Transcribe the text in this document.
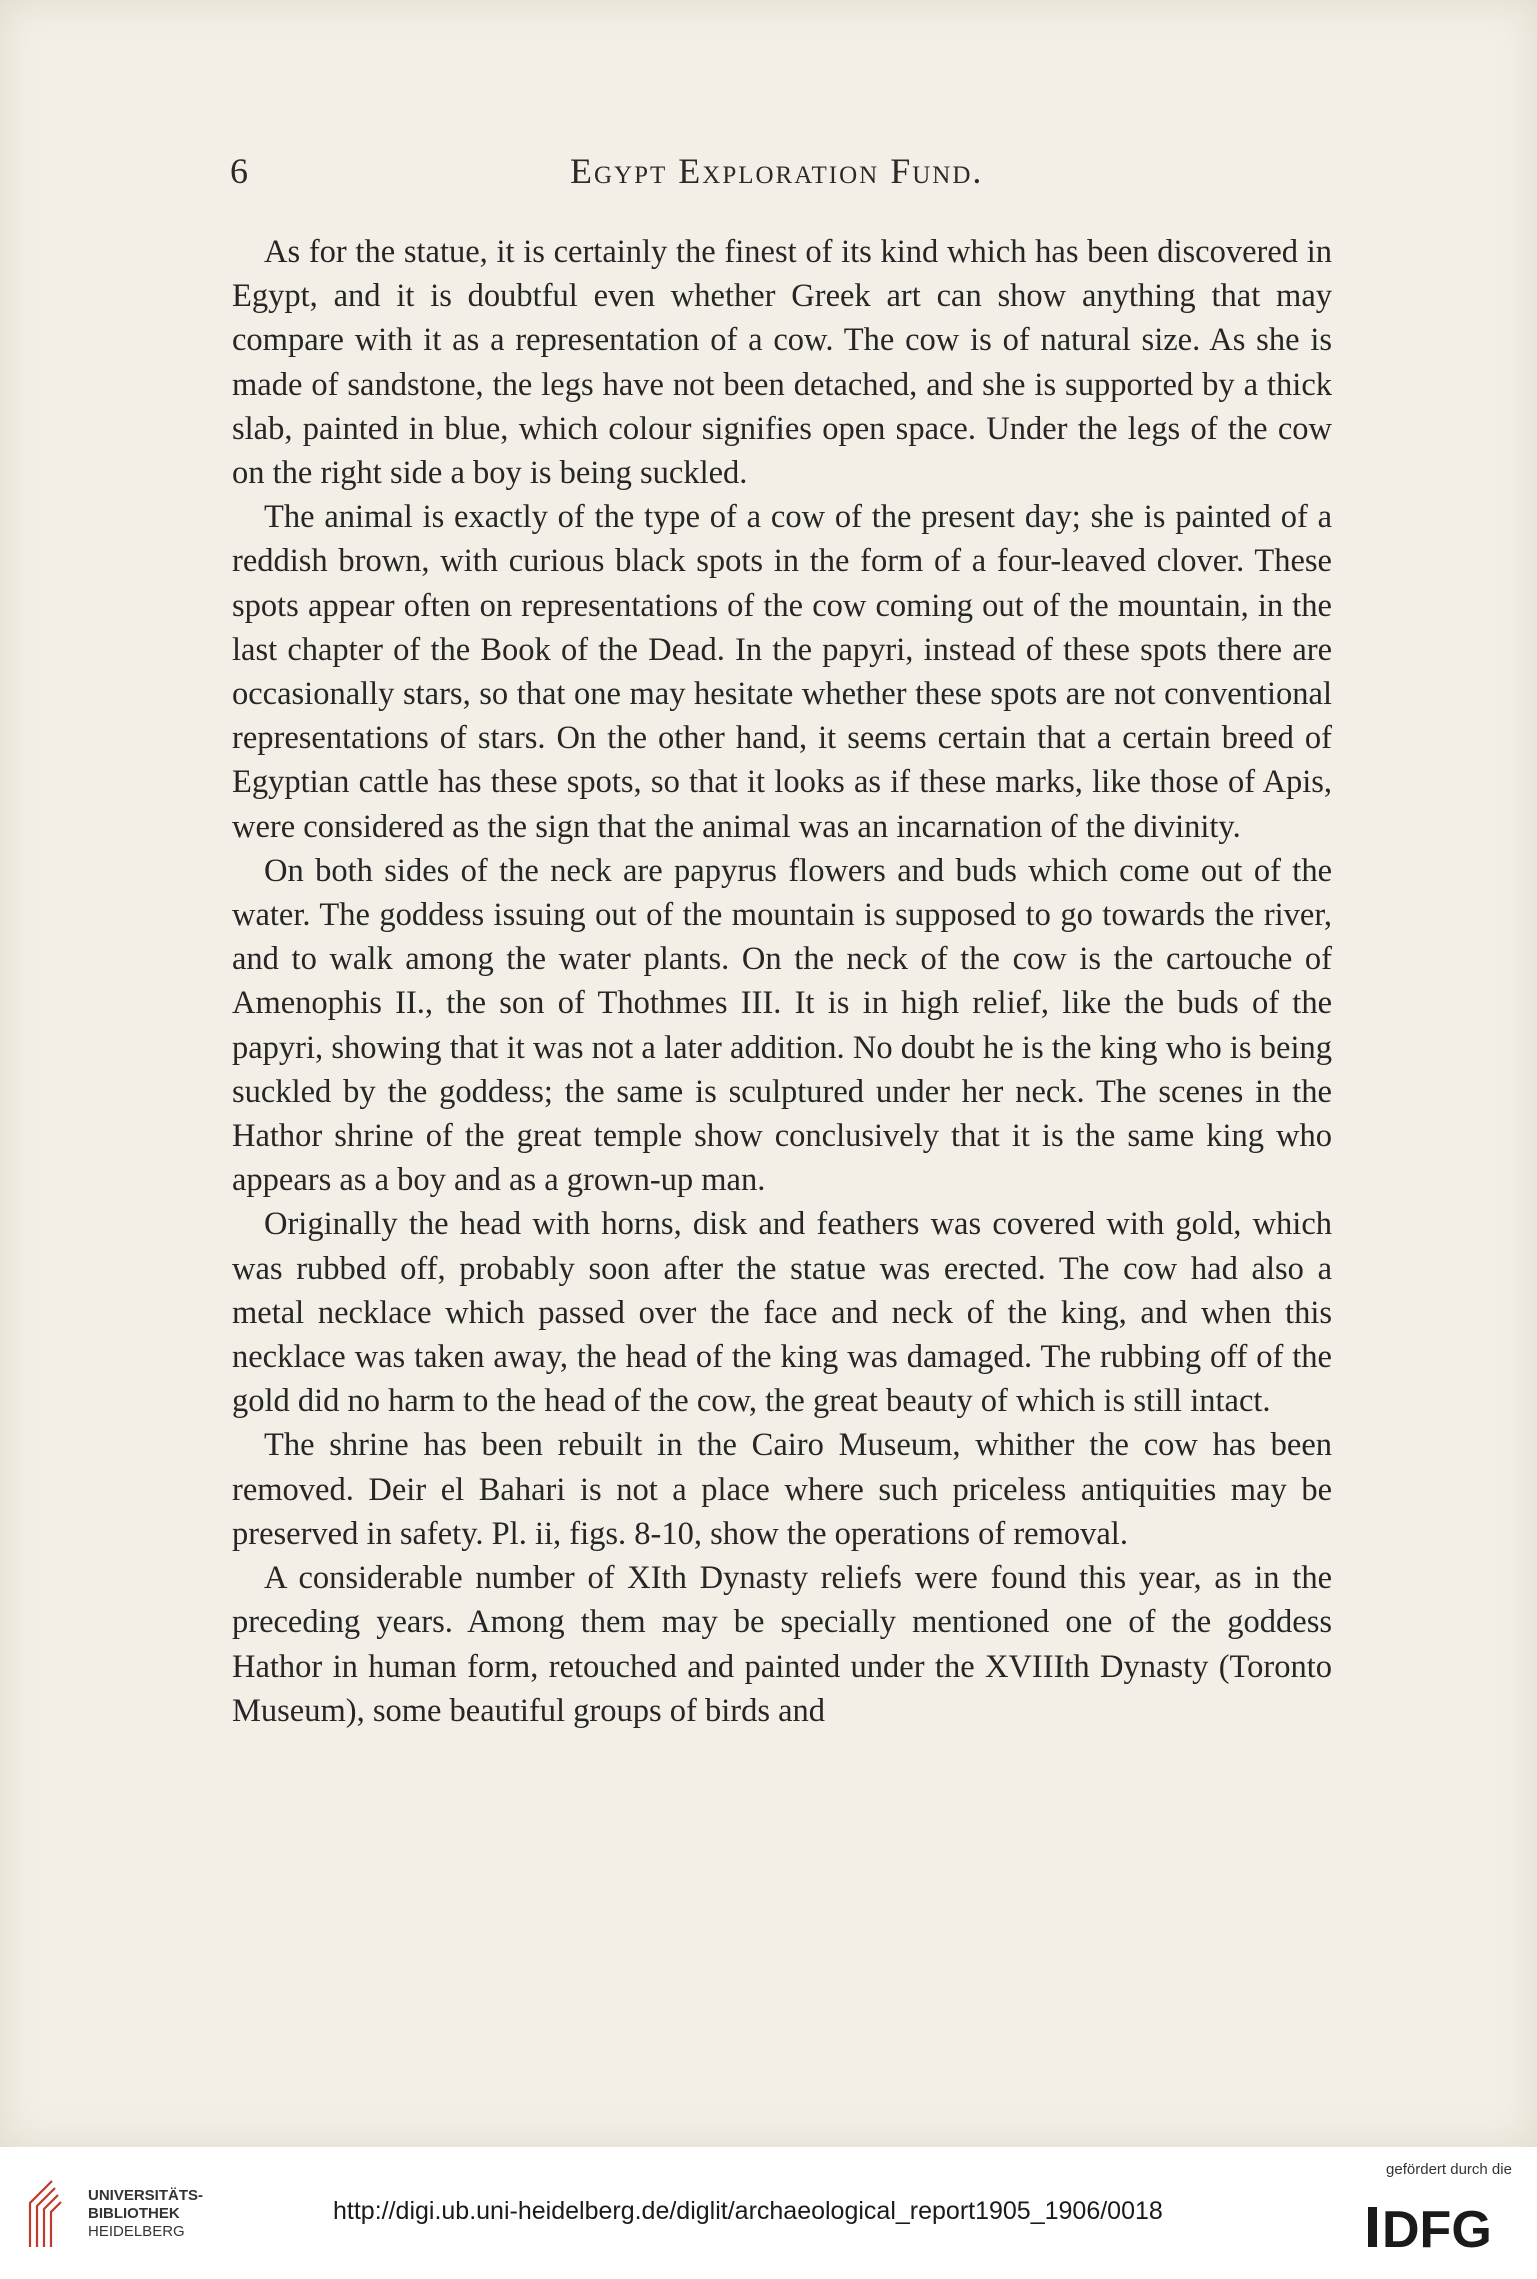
6	Egypt Exploration Fund.

As for the statue, it is certainly the finest of its kind which has been discovered in Egypt, and it is doubtful even whether Greek art can show anything that may compare with it as a representation of a cow. The cow is of natural size. As she is made of sandstone, the legs have not been detached, and she is supported by a thick slab, painted in blue, which colour signifies open space. Under the legs of the cow on the right side a boy is being suckled.

The animal is exactly of the type of a cow of the present day; she is painted of a reddish brown, with curious black spots in the form of a four-leaved clover. These spots appear often on representations of the cow coming out of the mountain, in the last chapter of the Book of the Dead. In the papyri, instead of these spots there are occasionally stars, so that one may hesitate whether these spots are not conventional representations of stars. On the other hand, it seems certain that a certain breed of Egyptian cattle has these spots, so that it looks as if these marks, like those of Apis, were considered as the sign that the animal was an incarnation of the divinity.

On both sides of the neck are papyrus flowers and buds which come out of the water. The goddess issuing out of the mountain is supposed to go towards the river, and to walk among the water plants. On the neck of the cow is the cartouche of Amenophis II., the son of Thothmes III. It is in high relief, like the buds of the papyri, showing that it was not a later addition. No doubt he is the king who is being suckled by the goddess; the same is sculptured under her neck. The scenes in the Hathor shrine of the great temple show conclusively that it is the same king who appears as a boy and as a grown-up man.

Originally the head with horns, disk and feathers was covered with gold, which was rubbed off, probably soon after the statue was erected. The cow had also a metal necklace which passed over the face and neck of the king, and when this necklace was taken away, the head of the king was damaged. The rubbing off of the gold did no harm to the head of the cow, the great beauty of which is still intact.

The shrine has been rebuilt in the Cairo Museum, whither the cow has been removed. Deir el Bahari is not a place where such priceless antiquities may be preserved in safety. Pl. ii, figs. 8-10, show the operations of removal.

A considerable number of XIth Dynasty reliefs were found this year, as in the preceding years. Among them may be specially mentioned one of the goddess Hathor in human form, retouched and painted under the XVIIIth Dynasty (Toronto Museum), some beautiful groups of birds and

UNIVERSITÄTS-
BIBLIOTHEK
HEIDELBERG
http://digi.ub.uni-heidelberg.de/diglit/archaeological_report1905_1906/0018
gefördert durch die
DFG
